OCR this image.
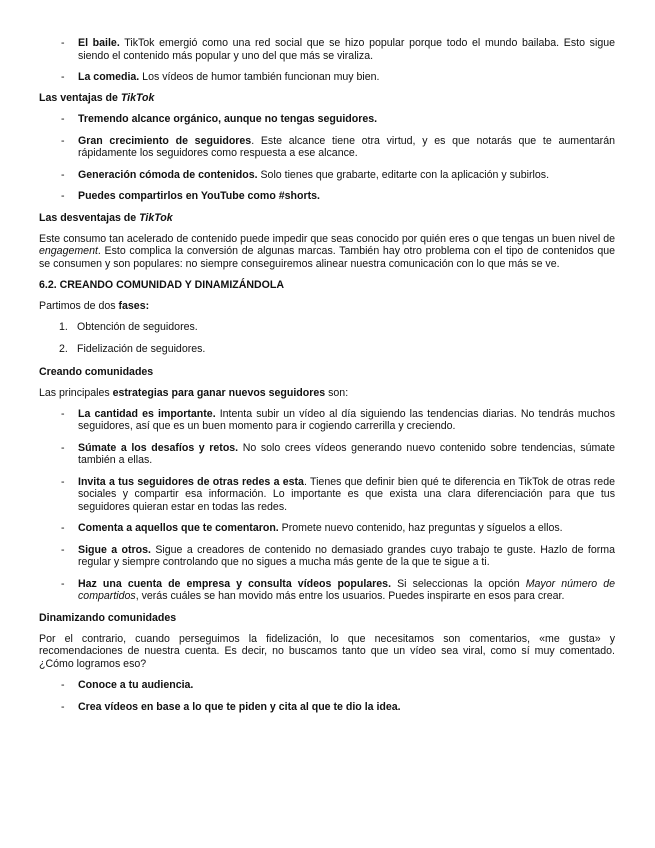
- El baile. TikTok emergió como una red social que se hizo popular porque todo el mundo bailaba. Esto sigue siendo el contenido más popular y uno del que más se viraliza.
- La comedia. Los vídeos de humor también funcionan muy bien.
Las ventajas de TikTok
- Tremendo alcance orgánico, aunque no tengas seguidores.
- Gran crecimiento de seguidores. Este alcance tiene otra virtud, y es que notarás que te aumentarán rápidamente los seguidores como respuesta a ese alcance.
- Generación cómoda de contenidos. Solo tienes que grabarte, editarte con la aplicación y subirlos.
- Puedes compartirlos en YouTube como #shorts.
Las desventajas de TikTok

Este consumo tan acelerado de contenido puede impedir que seas conocido por quién eres o que tengas un buen nivel de engagement. Esto complica la conversión de algunas marcas. También hay otro problema con el tipo de contenidos que se consumen y son populares: no siempre conseguiremos alinear nuestra comunicación con lo que más se ve.

6.2. CREANDO COMUNIDAD Y DINAMIZÁNDOLA

Partimos de dos fases:

1. Obtención de seguidores.
2. Fidelización de seguidores.
Creando comunidades

Las principales estrategias para ganar nuevos seguidores son:

- La cantidad es importante. Intenta subir un vídeo al día siguiendo las tendencias diarias. No tendrás muchos seguidores, así que es un buen momento para ir cogiendo carrerilla y creciendo.
- Súmate a los desafíos y retos. No solo crees vídeos generando nuevo contenido sobre tendencias, súmate también a ellas.
- Invita a tus seguidores de otras redes a esta. Tienes que definir bien qué te diferencia en TikTok de otras rede sociales y compartir esa información. Lo importante es que exista una clara diferenciación para que tus seguidores quieran estar en todas las redes.
- Comenta a aquellos que te comentaron. Promete nuevo contenido, haz preguntas y síguelos a ellos.
- Sigue a otros. Sigue a creadores de contenido no demasiado grandes cuyo trabajo te guste. Hazlo de forma regular y siempre controlando que no sigues a mucha más gente de la que te sigue a ti.
- Haz una cuenta de empresa y consulta vídeos populares. Si seleccionas la opción Mayor número de compartidos, verás cuáles se han movido más entre los usuarios. Puedes inspirarte en esos para crear.
Dinamizando comunidades

Por el contrario, cuando perseguimos la fidelización, lo que necesitamos son comentarios, «me gusta» y recomendaciones de nuestra cuenta. Es decir, no buscamos tanto que un vídeo sea viral, como sí muy comentado. ¿Cómo logramos eso?

- Conoce a tu audiencia.
- Crea vídeos en base a lo que te piden y cita al que te dio la idea.
